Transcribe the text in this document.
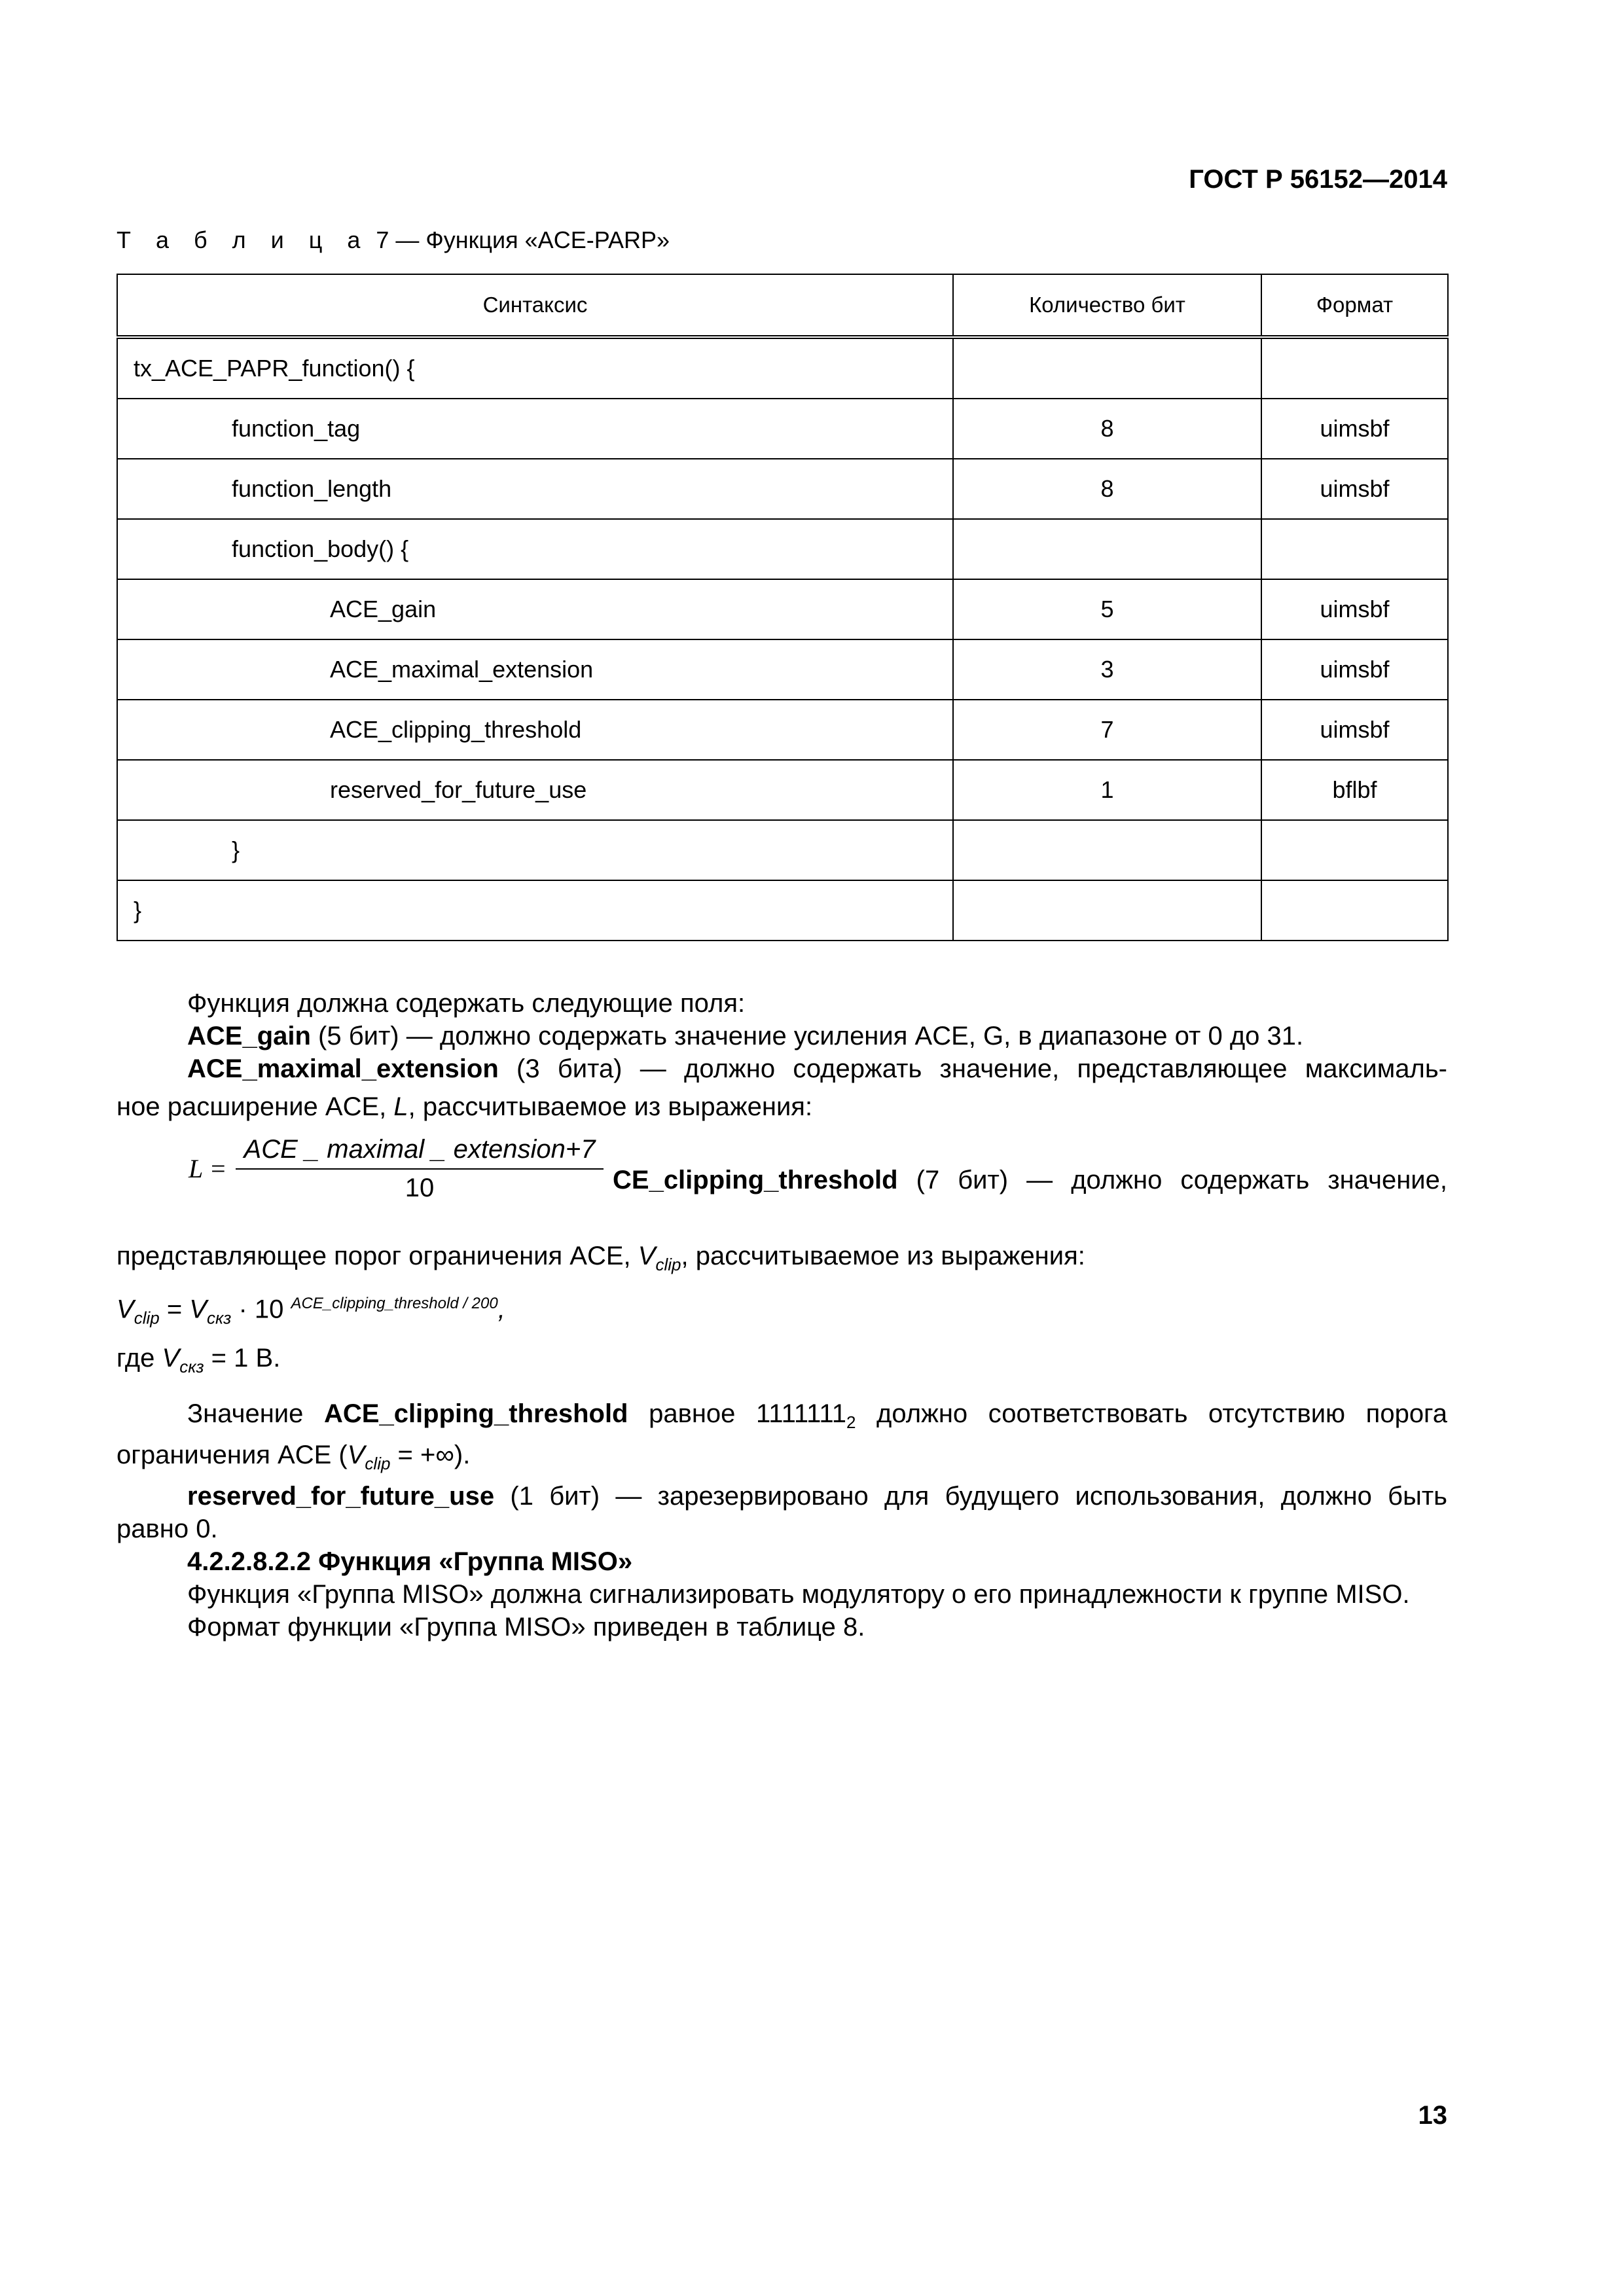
ГОСТ Р 56152—2014
Т а б л и ц а 7 — Функция «ACE-PARP»
Синтаксис	Количество бит	Формат
tx_ACE_PAPR_function() {		
function_tag	8	uimsbf
function_length	8	uimsbf
function_body() {		
ACE_gain	5	uimsbf
ACE_maximal_extension	3	uimsbf
ACE_clipping_threshold	7	uimsbf
reserved_for_future_use	1	bflbf
}		
}		

Функция должна содержать следующие поля:

ACE_gain (5 бит) — должно содержать значение усиления ACE, G, в диапазоне от 0 до 31.

ACE_maximal_extension (3 бита) — должно содержать значение, представляющее максималь-

ное расширение ACE, L, рассчитываемое из выражения:

L =
ACE _ maximal _ extension+7
10	CE_clipping_threshold (7 бит) — должно содержать значение,

представляющее порог ограничения ACE, $V_{clip}$, рассчитываемое из выражения:

$V_{clip} = V_{скз} \cdot 10$ $^{ACE\_clipping\_threshold / 200}$,

где $V_{скз} = 1$ В.

Значение ACE_clipping_threshold равное $1111111_2$ должно соответствовать отсутствию порога ограничения ACE ($V_{clip}$ = +∞).

reserved_for_future_use (1 бит) — зарезервировано для будущего использования, должно быть равно 0.

4.2.2.8.2.2 Функция «Группа MISO»

Функция «Группа MISO» должна сигнализировать модулятору о его принадлежности к группе MISO.

Формат функции «Группа MISO» приведен в таблице 8.

13
